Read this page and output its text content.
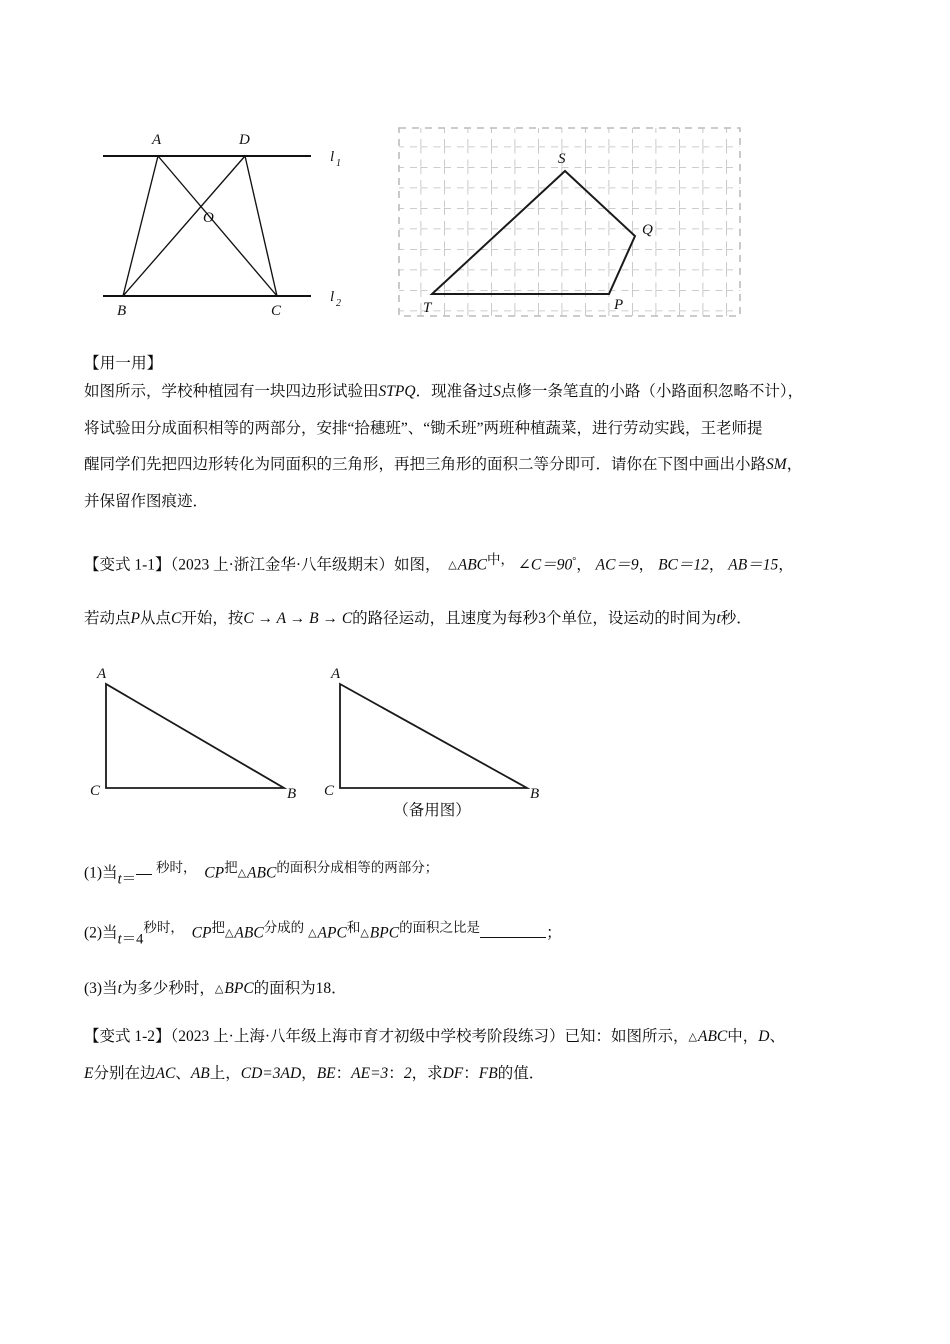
A	D
O
B	C
l 1
l 2
S
Q
P
T
【用一用】
如图所示，学校种植园有一块四边形试验田STPQ．现准备过S点修一条笔直的小路（小路面积忽略不计），
将试验田分成面积相等的两部分，安排“拾穗班”、“锄禾班”两班种植蔬菜，进行劳动实践，王老师提
醒同学们先把四边形转化为同面积的三角形，再把三角形的面积二等分即可．请你在下图中画出小路SM，
并保留作图痕迹．
【变式 1-1】（2023 上·浙江金华·八年级期末）如图， △ABC中， ∠C＝90°， AC＝9， BC＝12， AB＝15，
若动点P从点C开始，按C → A → B → C的路径运动，且速度为每秒3个单位，设运动的时间为t秒．
A
C	B
A
C	B
（备用图）
(1)当t＝ 秒时， CP把△ABC的面积分成相等的两部分；
(2)当t＝4秒时， CP把△ABC分成的 △APC和△BPC的面积之比是	；
(3)当t为多少秒时，△BPC的面积为18．
【变式 1-2】（2023 上·上海·八年级上海市育才初级中学校考阶段练习）已知：如图所示，△ABC中，D、
E分别在边AC、AB上，CD=3AD，BE：AE=3：2，求DF：FB的值．
